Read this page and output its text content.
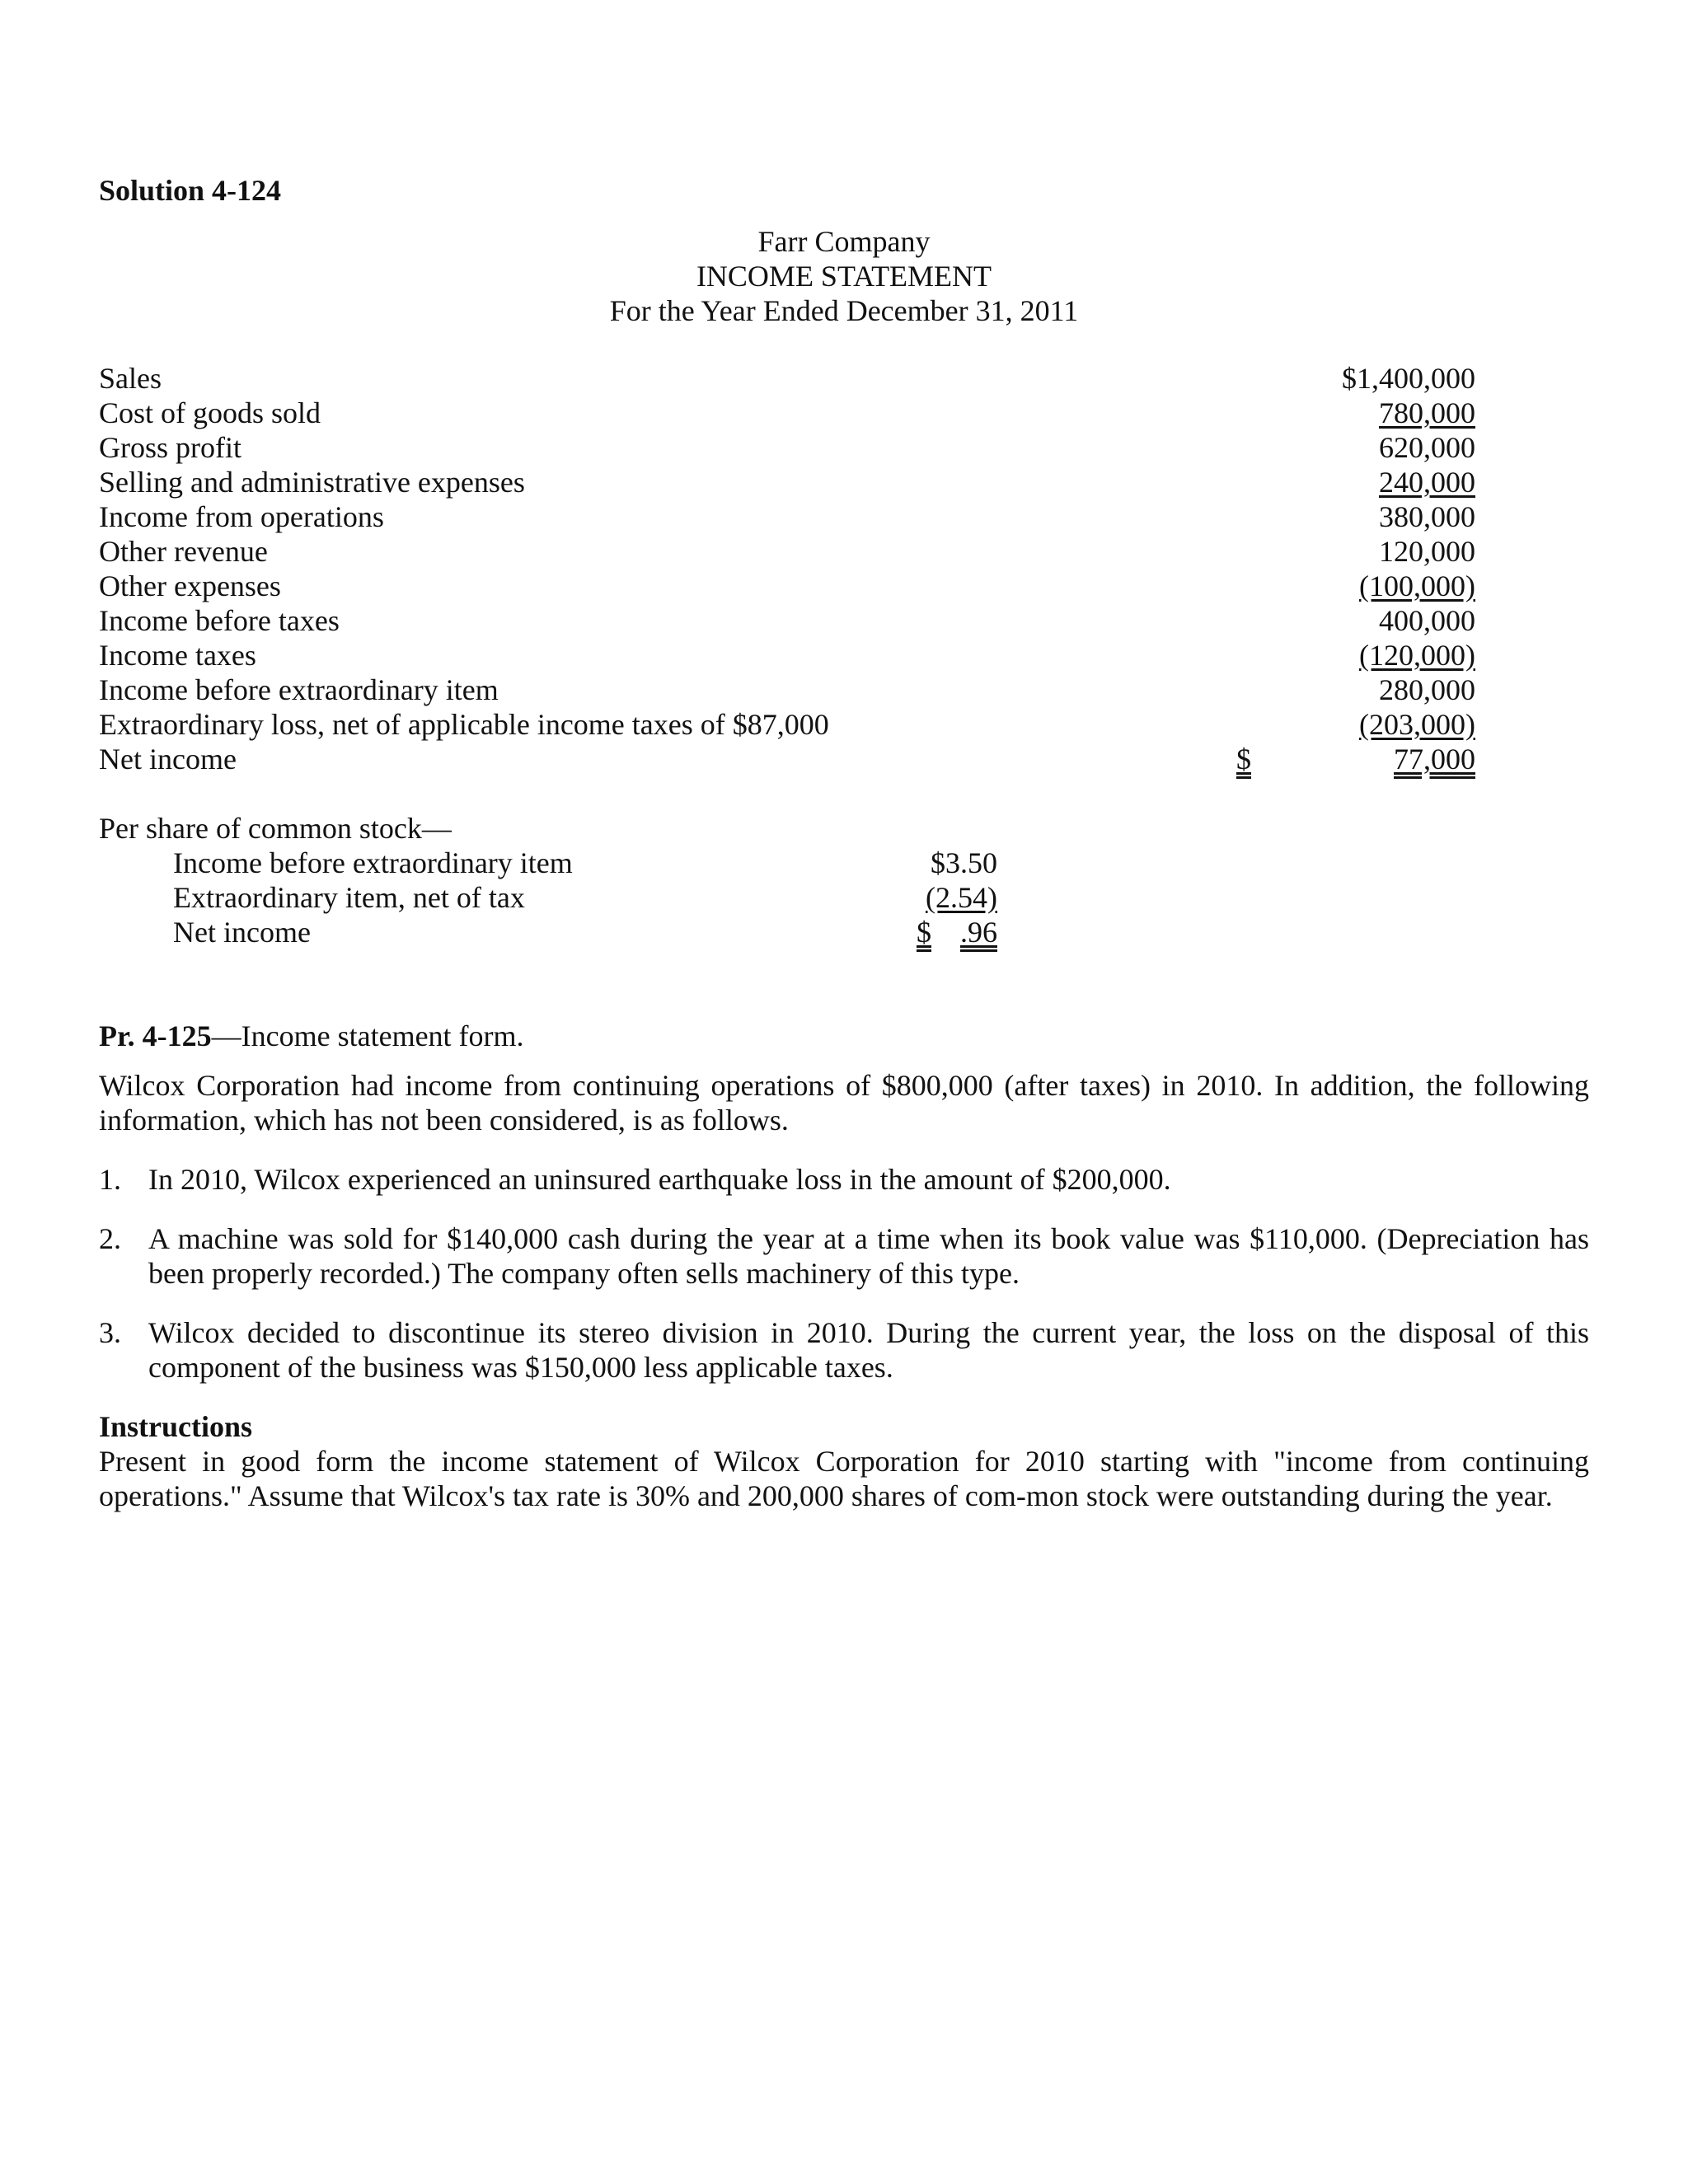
Solution 4-124
Farr Company
INCOME STATEMENT
For the Year Ended December 31, 2011
Sales	$1,400,000
Cost of goods sold	780,000
Gross profit	620,000
Selling and administrative expenses	240,000
Income from operations	380,000
Other revenue	120,000
Other expenses	(100,000)
Income before taxes	400,000
Income taxes	(120,000)
Income before extraordinary item	280,000
Extraordinary loss, net of applicable income taxes of $87,000	(203,000)
Net income	$	77,000
Per share of common stock—
Income before extraordinary item	$3.50
Extraordinary item, net of tax	(2.54)
Net income	$ .96
Pr. 4-125—Income statement form.

Wilcox Corporation had income from continuing operations of $800,000 (after taxes) in 2010. In addition, the following information, which has not been considered, is as follows.

1. In 2010, Wilcox experienced an uninsured earthquake loss in the amount of $200,000.
2. A machine was sold for $140,000 cash during the year at a time when its book value was $110,000. (Depreciation has been properly recorded.) The company often sells machinery of this type.
3. Wilcox decided to discontinue its stereo division in 2010. During the current year, the loss on the disposal of this component of the business was $150,000 less applicable taxes.
Instructions
Present in good form the income statement of Wilcox Corporation for 2010 starting with "income from continuing operations." Assume that Wilcox's tax rate is 30% and 200,000 shares of com-mon stock were outstanding during the year.
